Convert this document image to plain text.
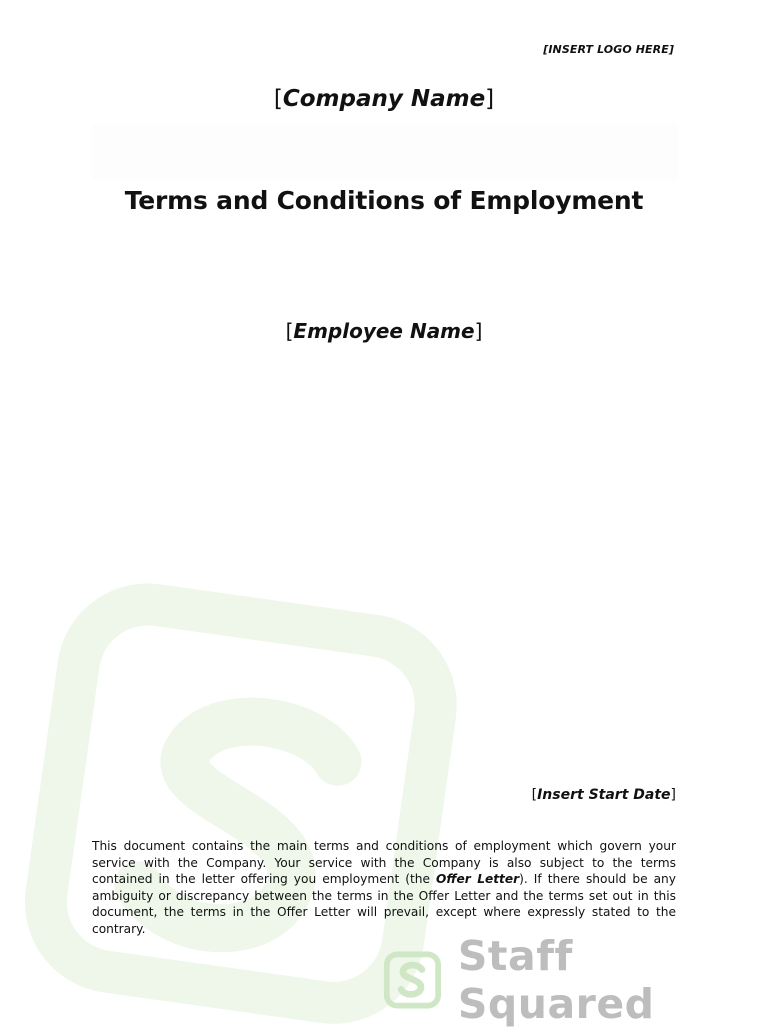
[INSERT LOGO HERE]
[Company Name]
Terms and Conditions of Employment
[Employee Name]
[Insert Start Date]

This document contains the main terms and conditions of employment which govern your service with the Company. Your service with the Company is also subject to the terms contained in the letter offering you employment (the Offer Letter). If there should be any ambiguity or discrepancy between the terms in the Offer Letter and the terms set out in this document, the terms in the Offer Letter will prevail, except where expressly stated to the contrary.

Staff Squared
